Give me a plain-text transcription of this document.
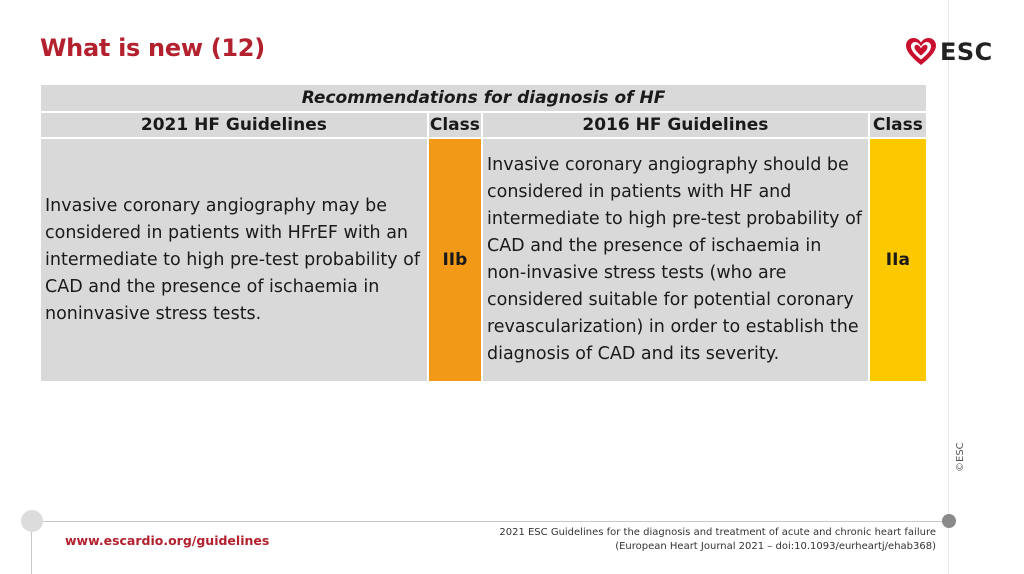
What is new (12)	ESC
Recommendations for diagnosis of HF			
2021 HF Guidelines	Class	2016 HF Guidelines	Class
Invasive coronary angiography may be considered in patients with HFrEF with an intermediate to high pre-test probability of CAD and the presence of ischaemia in noninvasive stress tests.	IIb	Invasive coronary angiography should be considered in patients with HF and intermediate to high pre-test probability of CAD and the presence of ischaemia in non-invasive stress tests (who are considered suitable for potential coronary revascularization) in order to establish the diagnosis of CAD and its severity.	IIa
©ESC
www.escardio.org/guidelines
2021 ESC Guidelines for the diagnosis and treatment of acute and chronic heart failure
(European Heart Journal 2021 – doi:10.1093/eurheartj/ehab368)
